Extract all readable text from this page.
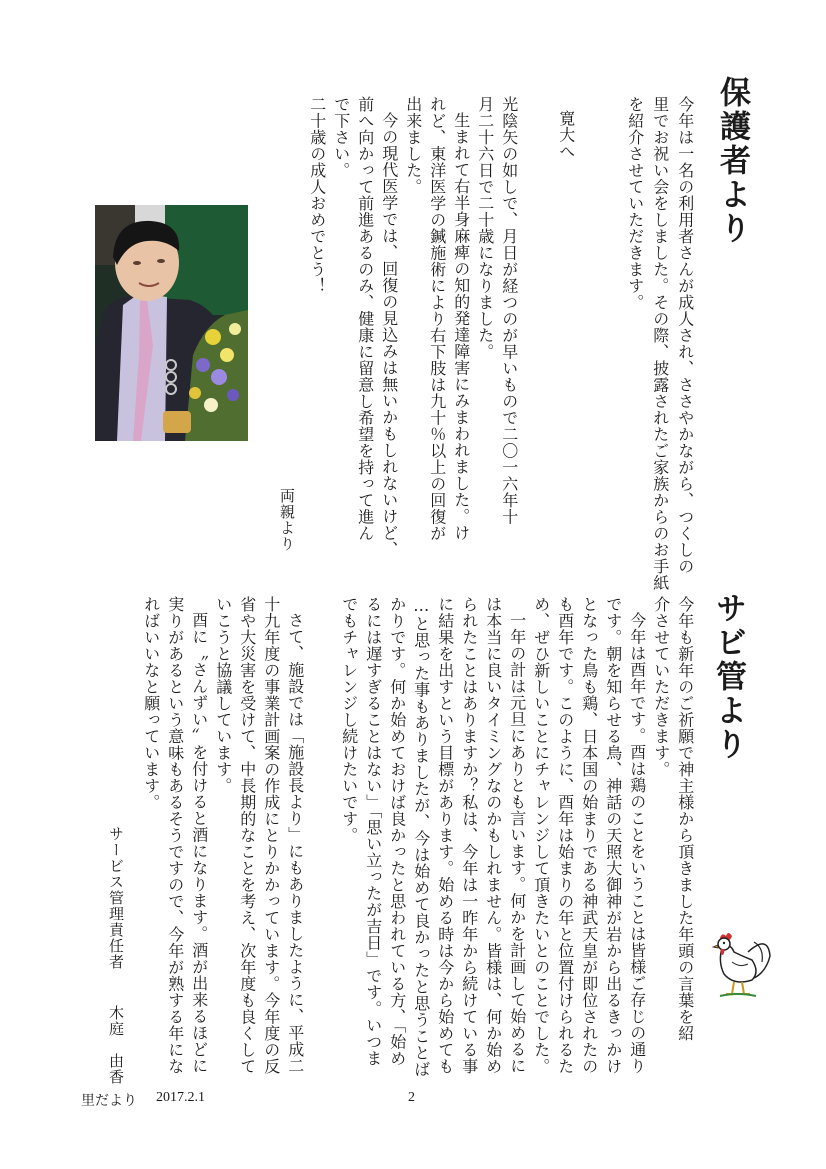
保護者より
今年は一名の利用者さんが成人され、ささやかながら、つくしの
里でお祝い会をしました。その際、披露されたご家族からのお手紙
を紹介させていただきます。
寛大へ
光陰矢の如しで、月日が経つのが早いもので二〇一六年十
月二十六日で二十歳になりました。
生まれて右半身麻痺の知的発達障害にみまわれました。け
れど、東洋医学の鍼施術により右下肢は九十％以上の回復が
出来ました。
今の現代医学では、回復の見込みは無いかもしれないけど、
前へ向かって前進あるのみ、健康に留意し希望を持って進ん
で下さい。
二十歳の成人おめでとう！
両親より
サビ管より
今年も新年のご祈願で神主様から頂きました年頭の言葉を紹
介させていただきます。
今年は酉年です。酉は鶏のことをいうことは皆様ご存じの通り
です。朝を知らせる鳥、神話の天照大御神が岩から出るきっかけ
となった鳥も鶏、日本国の始まりである神武天皇が即位されたの
も酉年です。このように、酉年は始まりの年と位置付けられるた
め、ぜひ新しいことにチャレンジして頂きたいとのことでした。
一年の計は元旦にありとも言います。何かを計画して始めるに
は本当に良いタイミングなのかもしれません。皆様は、何か始め
られたことはありますか？私は、今年は一昨年から続けている事
に結果を出すという目標があります。始める時は今から始めても
…と思った事もありましたが、今は始めて良かったと思うことば
かりです。何か始めておけば良かったと思われている方、「始め
るには遅すぎることはない」「思い立ったが吉日」です。いつま
でもチャレンジし続けたいです。
さて、施設では「施設長より」にもありましたように、平成二
十九年度の事業計画案の作成にとりかかっています。今年度の反
省や大災害を受けて、中長期的なことを考え、次年度も良くして
いこうと協議しています。
酉に〝さんずい〟を付けると酒になります。酒が出来るほどに
実りがあるという意味もあるそうですので、今年が熟する年にな
ればいいなと願っています。
サービス管理責任者　 木庭　由香
里だより 2017.2.1	2
